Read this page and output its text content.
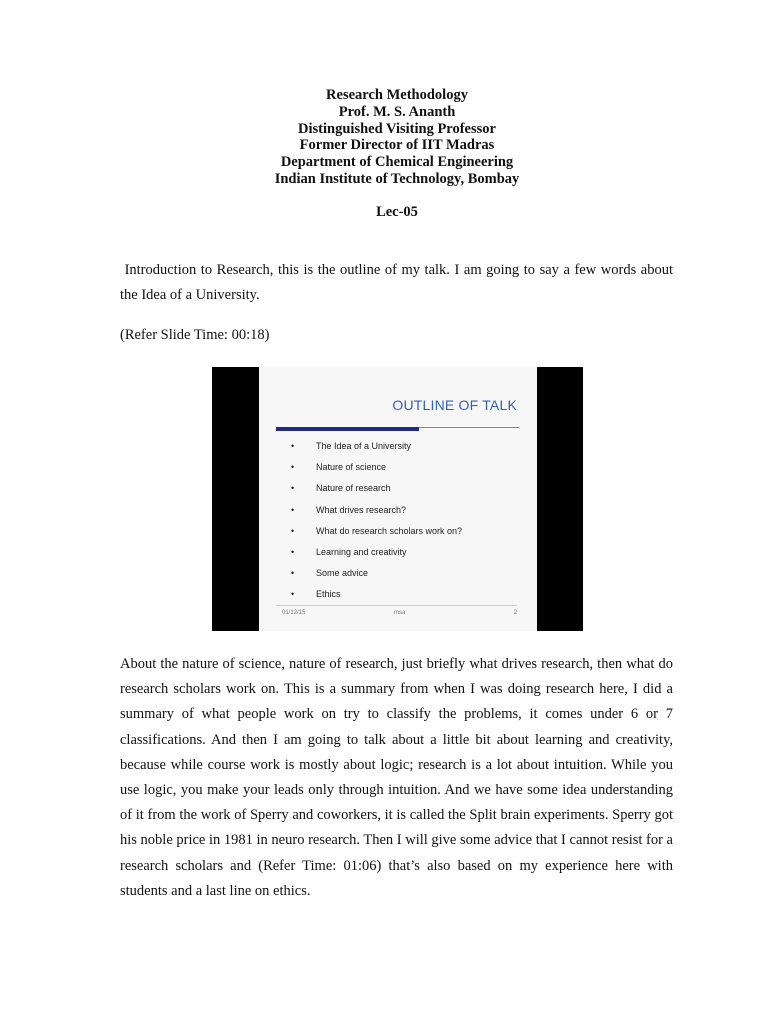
Research Methodology
Prof. M. S. Ananth
Distinguished Visiting Professor
Former Director of IIT Madras
Department of Chemical Engineering
Indian Institute of Technology, Bombay
Lec-05
Introduction to Research, this is the outline of my talk. I am going to say a few words about the Idea of a University.
(Refer Slide Time: 00:18)
OUTLINE OF TALK
• The Idea of a University
• Nature of science
• Nature of research
• What drives research?
• What do research scholars work on?
• Learning and creativity
• Some advice
• Ethics
01/12/15	msa	2
About the nature of science, nature of research, just briefly what drives research, then what do research scholars work on. This is a summary from when I was doing research here, I did a summary of what people work on try to classify the problems, it comes under 6 or 7 classifications. And then I am going to talk about a little bit about learning and creativity, because while course work is mostly about logic; research is a lot about intuition. While you use logic, you make your leads only through intuition. And we have some idea understanding of it from the work of Sperry and coworkers, it is called the Split brain experiments. Sperry got his noble price in 1981 in neuro research. Then I will give some advice that I cannot resist for a research scholars and (Refer Time: 01:06) that’s also based on my experience here with students and a last line on ethics.
